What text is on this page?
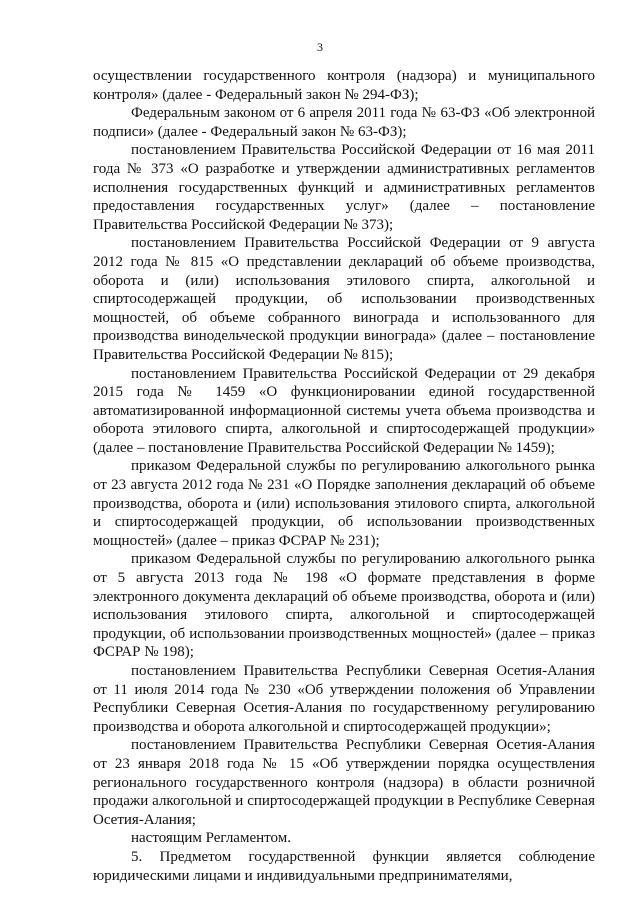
3

осуществлении государственного контроля (надзора) и муниципального контроля» (далее - Федеральный закон № 294-ФЗ);

Федеральным законом от 6 апреля 2011 года № 63-ФЗ «Об электронной подписи» (далее - Федеральный закон № 63-ФЗ);

постановлением Правительства Российской Федерации от 16 мая 2011 года № 373 «О разработке и утверждении административных регламентов исполнения государственных функций и административных регламентов предоставления государственных услуг» (далее – постановление Правительства Российской Федерации № 373);

постановлением Правительства Российской Федерации от 9 августа 2012 года № 815 «О представлении деклараций об объеме производства, оборота и (или) использования этилового спирта, алкогольной и спиртосодержащей продукции, об использовании производственных мощностей, об объеме собранного винограда и использованного для производства винодельческой продукции винограда» (далее – постановление Правительства Российской Федерации № 815);

постановлением Правительства Российской Федерации от 29 декабря 2015 года № 1459 «О функционировании единой государственной автоматизированной информационной системы учета объема производства и оборота этилового спирта, алкогольной и спиртосодержащей продукции» (далее – постановление Правительства Российской Федерации № 1459);

приказом Федеральной службы по регулированию алкогольного рынка от 23 августа 2012 года № 231 «О Порядке заполнения деклараций об объеме производства, оборота и (или) использования этилового спирта, алкогольной и спиртосодержащей продукции, об использовании производственных мощностей» (далее – приказ ФСРАР № 231);

приказом Федеральной службы по регулированию алкогольного рынка от 5 августа 2013 года № 198 «О формате представления в форме электронного документа деклараций об объеме производства, оборота и (или) использования этилового спирта, алкогольной и спиртосодержащей продукции, об использовании производственных мощностей» (далее – приказ ФСРАР № 198);

постановлением Правительства Республики Северная Осетия-Алания от 11 июля 2014 года № 230 «Об утверждении положения об Управлении Республики Северная Осетия-Алания по государственному регулированию производства и оборота алкогольной и спиртосодержащей продукции»;

постановлением Правительства Республики Северная Осетия-Алания от 23 января 2018 года № 15 «Об утверждении порядка осуществления регионального государственного контроля (надзора) в области розничной продажи алкогольной и спиртосодержащей продукции в Республике Северная Осетия-Алания;

настоящим Регламентом.

5. Предметом государственной функции является соблюдение юридическими лицами и индивидуальными предпринимателями,
